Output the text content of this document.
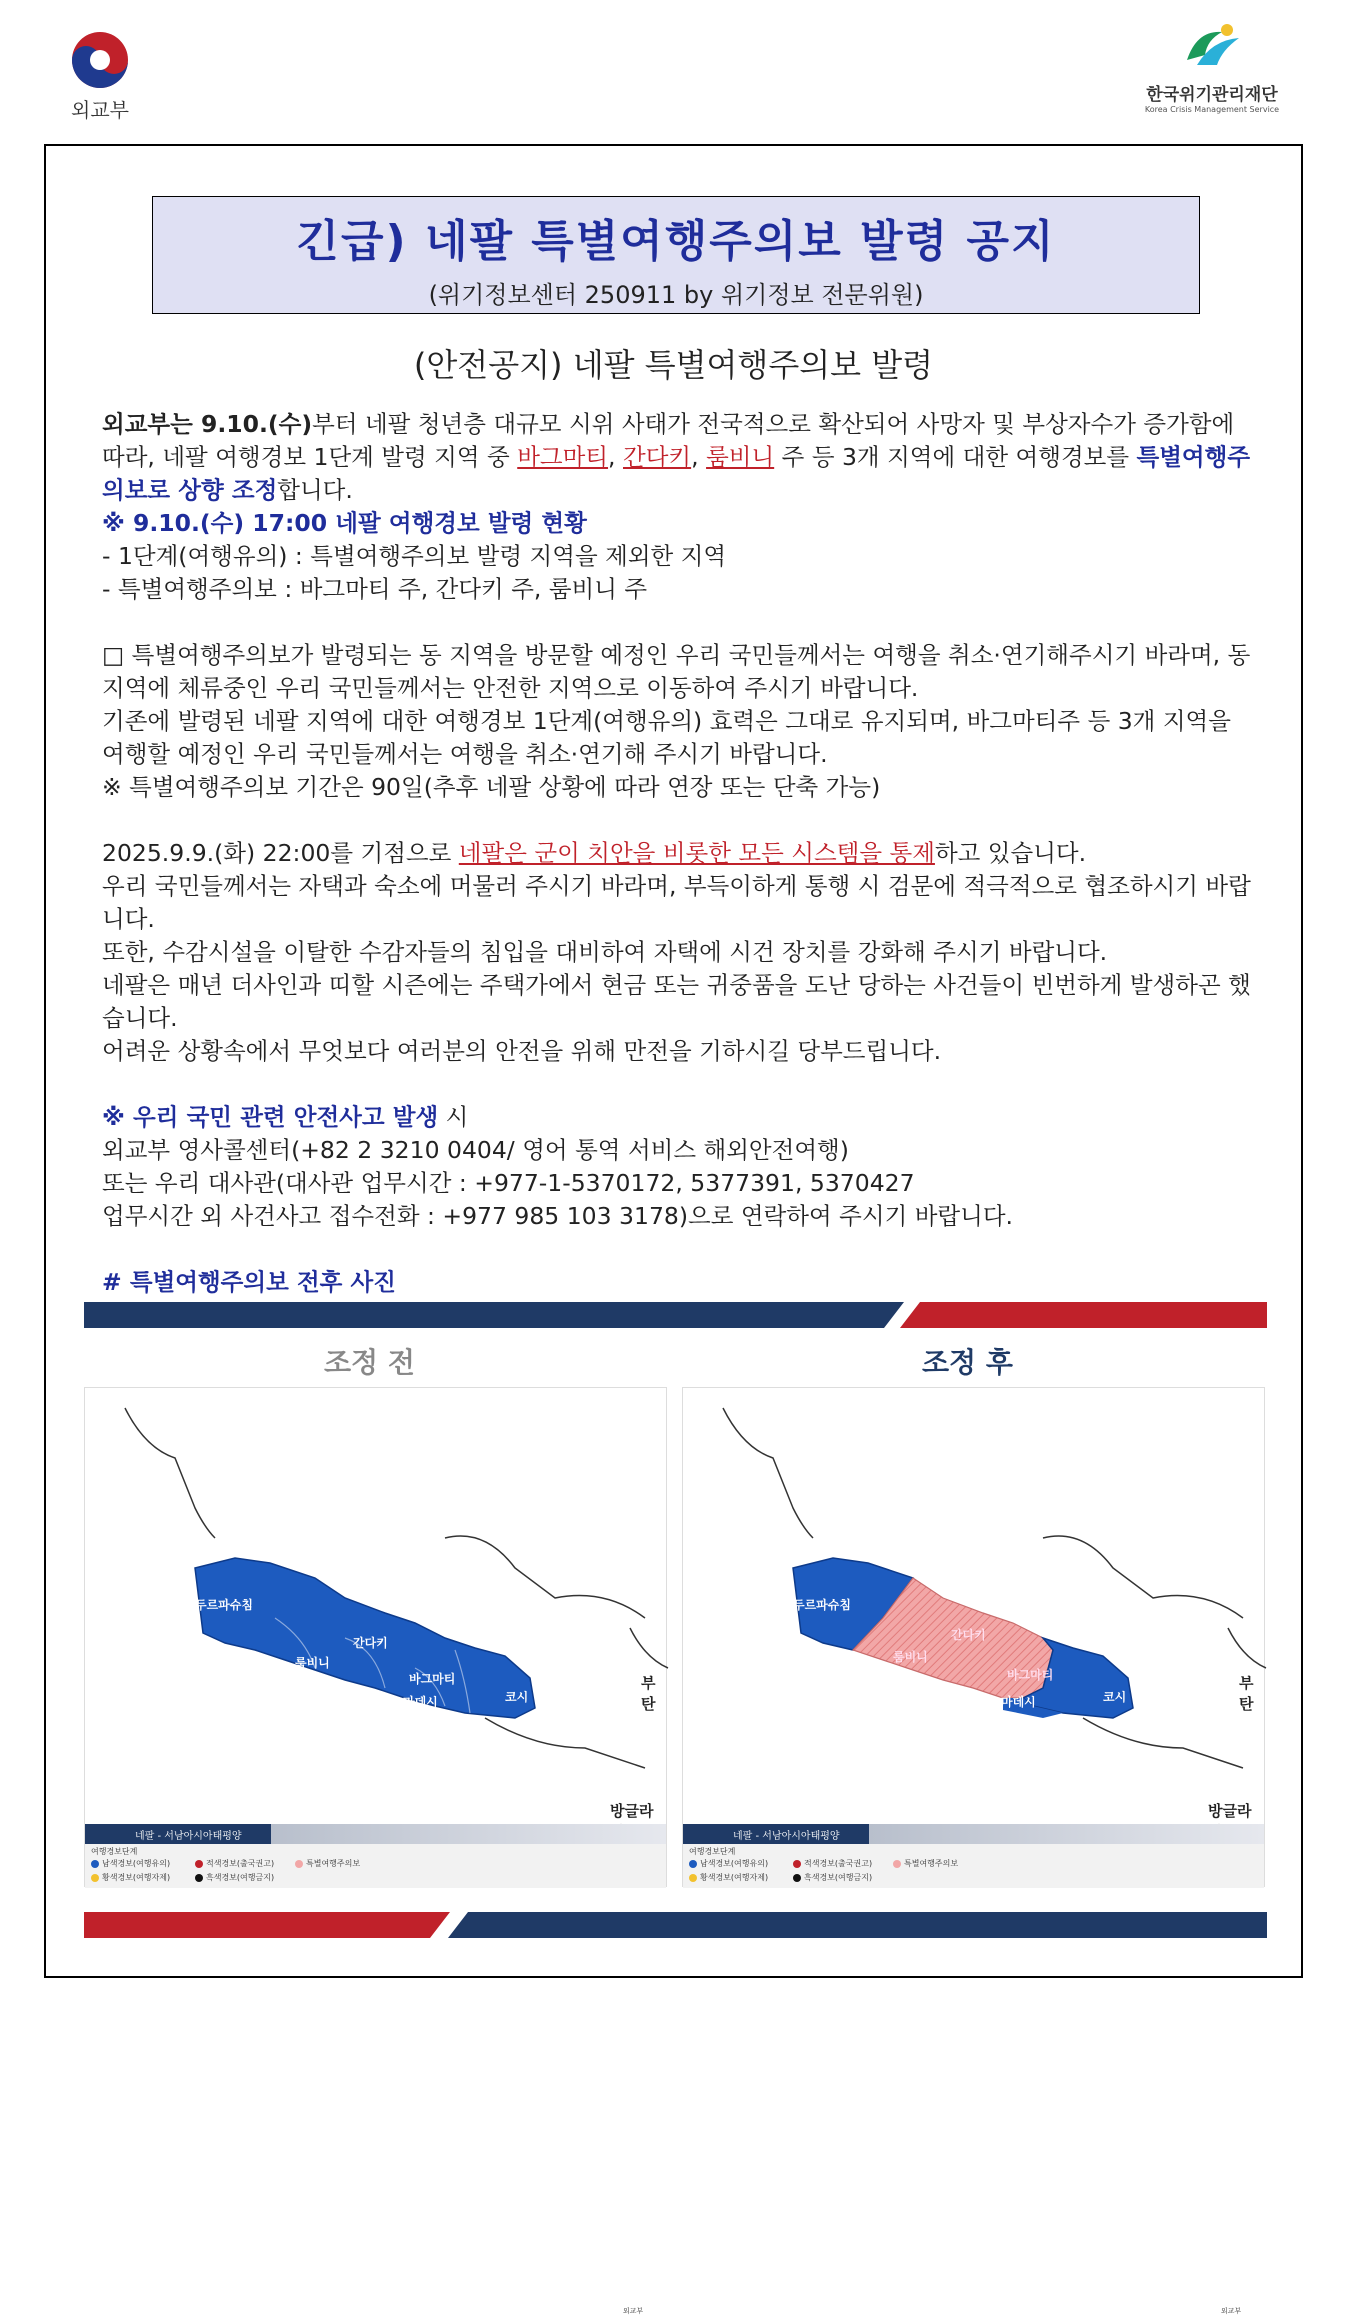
외교부
한국위기관리재단
Korea Crisis Management Service
긴급) 네팔 특별여행주의보 발령 공지
(위기정보센터 250911 by 위기정보 전문위원)
(안전공지) 네팔 특별여행주의보 발령

외교부는 9.10.(수)부터 네팔 청년층 대규모 시위 사태가 전국적으로 확산되어 사망자 및 부상자수가 증가함에 따라, 네팔 여행경보 1단계 발령 지역 중 바그마티, 간다키, 룸비니 주 등 3개 지역에 대한 여행경보를 특별여행주의보로 상향 조정합니다.

※ 9.10.(수) 17:00 네팔 여행경보 발령 현황

- 1단계(여행유의) : 특별여행주의보 발령 지역을 제외한 지역

- 특별여행주의보 : 바그마티 주, 간다키 주, 룸비니 주

□ 특별여행주의보가 발령되는 동 지역을 방문할 예정인 우리 국민들께서는 여행을 취소·연기해주시기 바라며, 동 지역에 체류중인 우리 국민들께서는 안전한 지역으로 이동하여 주시기 바랍니다.

기존에 발령된 네팔 지역에 대한 여행경보 1단계(여행유의) 효력은 그대로 유지되며, 바그마티주 등 3개 지역을 여행할 예정인 우리 국민들께서는 여행을 취소·연기해 주시기 바랍니다.

※ 특별여행주의보 기간은 90일(추후 네팔 상황에 따라 연장 또는 단축 가능)

2025.9.9.(화) 22:00를 기점으로 네팔은 군이 치안을 비롯한 모든 시스템을 통제하고 있습니다.

우리 국민들께서는 자택과 숙소에 머물러 주시기 바라며, 부득이하게 통행 시 검문에 적극적으로 협조하시기 바랍니다.

또한, 수감시설을 이탈한 수감자들의 침입을 대비하여 자택에 시건 장치를 강화해 주시기 바랍니다.

네팔은 매년 더사인과 띠할 시즌에는 주택가에서 현금 또는 귀중품을 도난 당하는 사건들이 빈번하게 발생하곤 했습니다.

어려운 상황속에서 무엇보다 여러분의 안전을 위해 만전을 기하시길 당부드립니다.

※ 우리 국민 관련 안전사고 발생 시

외교부 영사콜센터(+82 2 3210 0404/ 영어 통역 서비스 해외안전여행)

또는 우리 대사관(대사관 업무시간 : +977-1-5370172, 5377391, 5370427

업무시간 외 사건사고 접수전화 : +977 985 103 3178)으로 연락하여 주시기 바랍니다.

# 특별여행주의보 전후 사진

조정 전	조정 후
두르파슈침
간다키
룸비니
바그마티
마데시	코시
부탄
방글라
네팔 - 서남아시아태평양
여행경보단계
남색경보(여행유의)	적색경보(출국권고)	특별여행주의보
황색경보(여행자제)	흑색경보(여행금지)
외교부
두르파슈침
간다키
룸비니
바그마티
마데시	코시
부탄
방글라
네팔 - 서남아시아태평양
여행경보단계
남색경보(여행유의)	적색경보(출국권고)	특별여행주의보
황색경보(여행자제)	흑색경보(여행금지)
외교부
